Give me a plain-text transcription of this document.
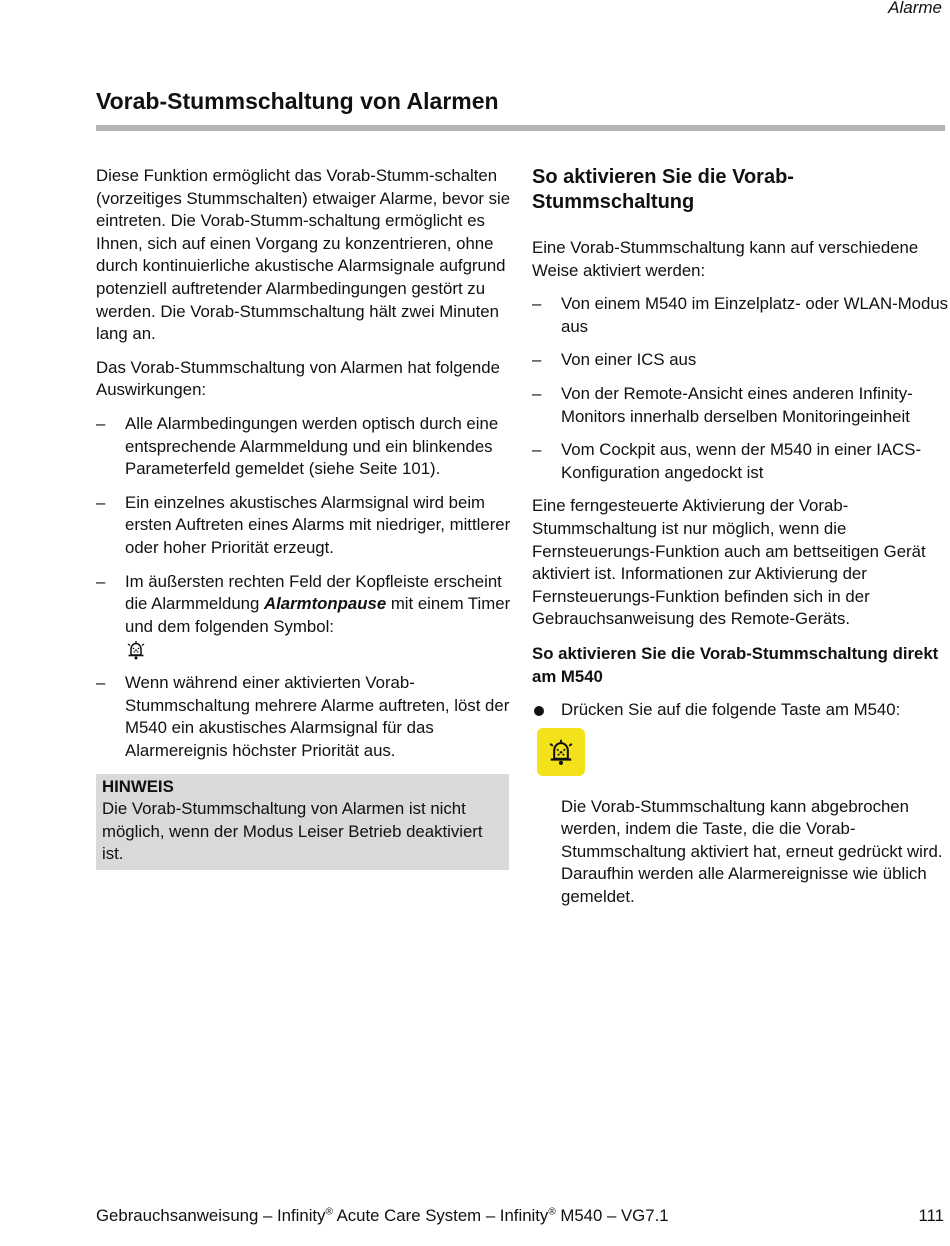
Alarme
Vorab-Stummschaltung von Alarmen

Diese Funktion ermöglicht das Vorab-Stumm-schalten (vorzeitiges Stummschalten) etwaiger Alarme, bevor sie eintreten. Die Vorab-Stumm-schaltung ermöglicht es Ihnen, sich auf einen Vorgang zu konzentrieren, ohne durch kontinuierliche akustische Alarmsignale aufgrund potenziell auftretender Alarmbedingungen gestört zu werden. Die Vorab-Stummschaltung hält zwei Minuten lang an.

Das Vorab-Stummschaltung von Alarmen hat folgende Auswirkungen:

– Alle Alarmbedingungen werden optisch durch eine entsprechende Alarmmeldung und ein blinkendes Parameterfeld gemeldet (siehe Seite 101).
– Ein einzelnes akustisches Alarmsignal wird beim ersten Auftreten eines Alarms mit niedriger, mittlerer oder hoher Priorität erzeugt.
– Im äußersten rechten Feld der Kopfleiste erscheint die Alarmmeldung Alarmtonpause mit einem Timer und dem folgenden Symbol:
– Wenn während einer aktivierten Vorab-Stummschaltung mehrere Alarme auftreten, löst der M540 ein akustisches Alarmsignal für das Alarmereignis höchster Priorität aus.
HINWEIS
Die Vorab-Stummschaltung von Alarmen ist nicht möglich, wenn der Modus Leiser Betrieb deaktiviert ist.
So aktivieren Sie die Vorab-Stummschaltung

Eine Vorab-Stummschaltung kann auf verschiedene Weise aktiviert werden:

– Von einem M540 im Einzelplatz- oder WLAN-Modus aus
– Von einer ICS aus
– Von der Remote-Ansicht eines anderen Infinity-Monitors innerhalb derselben Monitoringeinheit
– Vom Cockpit aus, wenn der M540 in einer IACS-Konfiguration angedockt ist

Eine ferngesteuerte Aktivierung der Vorab-Stummschaltung ist nur möglich, wenn die Fernsteuerungs-Funktion auch am bettseitigen Gerät aktiviert ist. Informationen zur Aktivierung der Fernsteuerungs-Funktion befinden sich in der Gebrauchsanweisung des Remote-Geräts.

So aktivieren Sie die Vorab-Stummschaltung direkt am M540
Drücken Sie auf die folgende Taste am M540:

Die Vorab-Stummschaltung kann abgebrochen werden, indem die Taste, die die Vorab-Stummschaltung aktiviert hat, erneut gedrückt wird. Daraufhin werden alle Alarmereignisse wie üblich gemeldet.

Gebrauchsanweisung – Infinity® Acute Care System – Infinity® M540 – VG7.1	111
